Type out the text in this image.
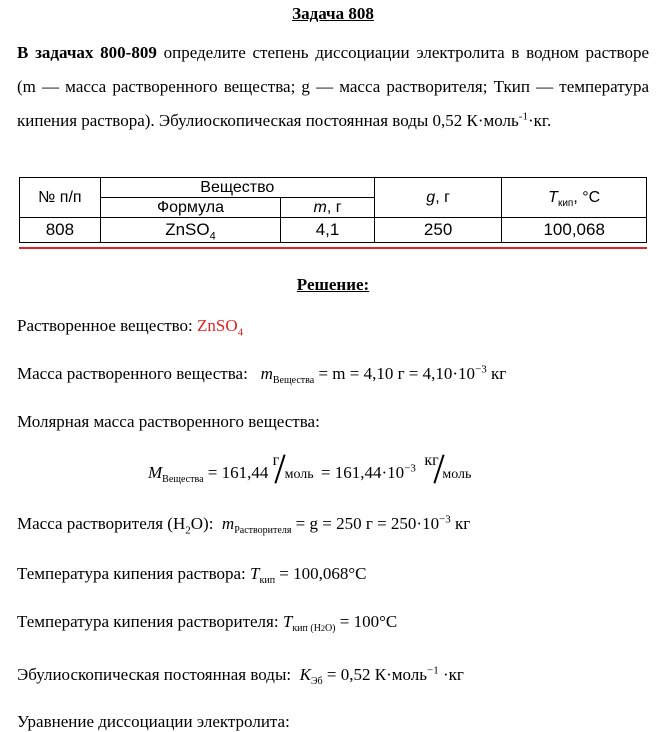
Задача 808
В задачах 800-809 определите степень диссоциации электролита в водном растворе (m — масса растворенного вещества; g — масса растворителя; Ткип — температура кипения раствора). Эбулиоскопическая постоянная воды 0,52 К·моль$^{-1}$·кг.
№ п/п	Вещество		g, г	$T_{кип}$, °С
	Формула	m, г		
808	ZnSO$_4$	4,1	250	100,068
Решение:
Растворенное вещество: ZnSO$_4$
Масса растворенного вещества: $m_{Вещества} = m = 4,10$ $г = 4,10\cdot 10^{-3}$ кг
Молярная масса растворенного вещества:
$M_{Вещества} = 161,44$
г
моль = $161,44\cdot 10^{-3}$ кг
моль
Масса растворителя $(H_2O)$: $m_{Растворителя} = g = 250$ $г = 250\cdot 10^{-3}$ кг
Температура кипения раствора: $T_{кип} = 100,068^\circ C$
Температура кипения растворителя: $T_{кип (H2O)} = 100^\circ C$
Эбулиоскопическая постоянная воды: $K_{Эб} = 0,52$ К·моль$^{-1}$ ·кг
Уравнение диссоциации электролита:
